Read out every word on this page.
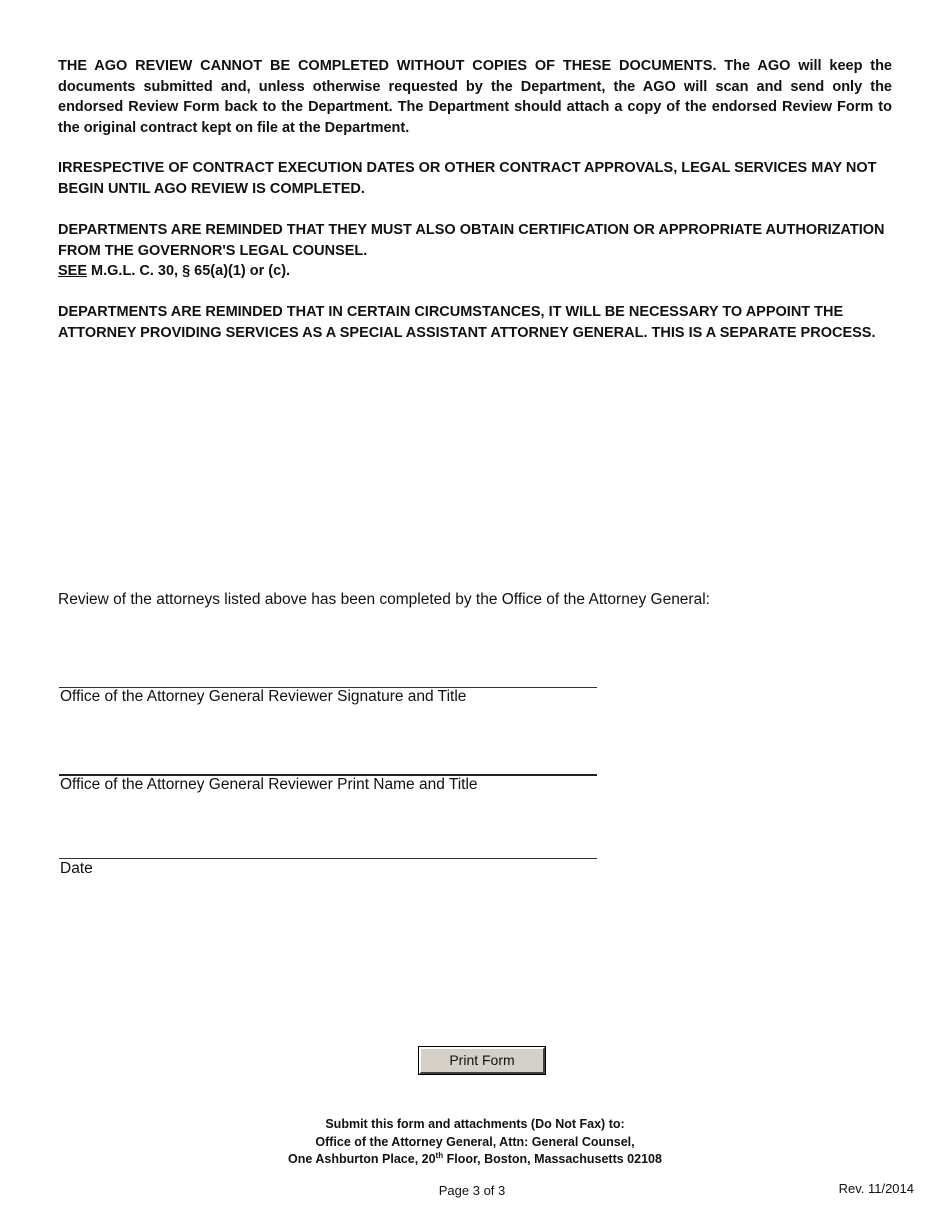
THE AGO REVIEW CANNOT BE COMPLETED WITHOUT COPIES OF THESE DOCUMENTS. The AGO will keep the documents submitted and, unless otherwise requested by the Department, the AGO will scan and send only the endorsed Review Form back to the Department. The Department should attach a copy of the endorsed Review Form to the original contract kept on file at the Department.

IRRESPECTIVE OF CONTRACT EXECUTION DATES OR OTHER CONTRACT APPROVALS, LEGAL SERVICES MAY NOT BEGIN UNTIL AGO REVIEW IS COMPLETED.

DEPARTMENTS ARE REMINDED THAT THEY MUST ALSO OBTAIN CERTIFICATION OR APPROPRIATE AUTHORIZATION FROM THE GOVERNOR'S LEGAL COUNSEL.

SEE M.G.L. C. 30, § 65(a)(1) or (c).

DEPARTMENTS ARE REMINDED THAT IN CERTAIN CIRCUMSTANCES, IT WILL BE NECESSARY TO APPOINT THE ATTORNEY PROVIDING SERVICES AS A SPECIAL ASSISTANT ATTORNEY GENERAL. THIS IS A SEPARATE PROCESS.

Review of the attorneys listed above has been completed by the Office of the Attorney General:

Office of the Attorney General Reviewer Signature and Title

Office of the Attorney General Reviewer Print Name and Title

Date

Print Form

Submit this form and attachments (Do Not Fax) to:

Office of the Attorney General, Attn: General Counsel,

One Ashburton Place, 20th Floor, Boston, Massachusetts 02108

Page 3 of 3	Rev. 11/2014
